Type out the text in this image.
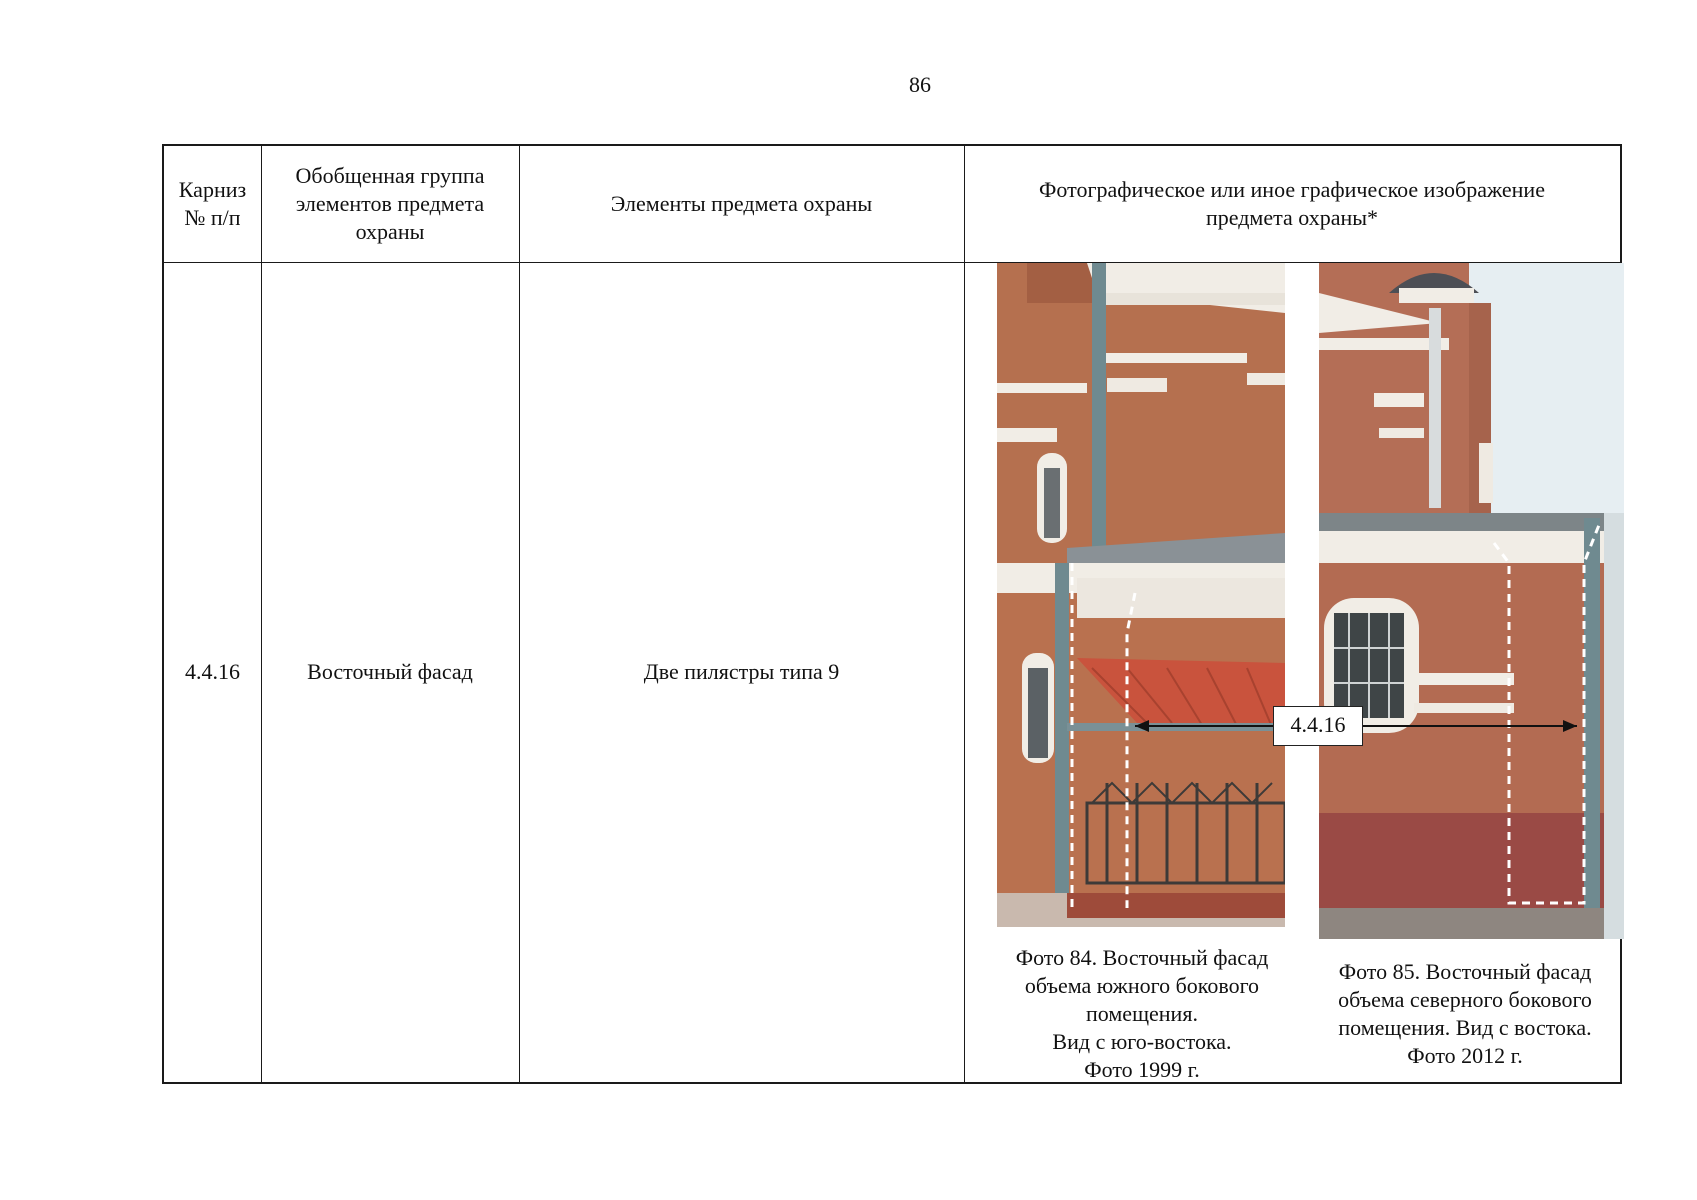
86
Карниз
№ п/п
Обобщенная группа
элементов предмета
охраны
Элементы предмета охраны
Фотографическое или иное графическое изображение
предмета охраны*
4.4.16	Восточный фасад	Две пилястры типа 9
4.4.16
Фото 84. Восточный фасад
объема южного бокового
помещения.
Вид с юго-востока.
Фото 1999 г.
Фото 85. Восточный фасад
объема северного бокового
помещения. Вид с востока.
Фото 2012 г.
